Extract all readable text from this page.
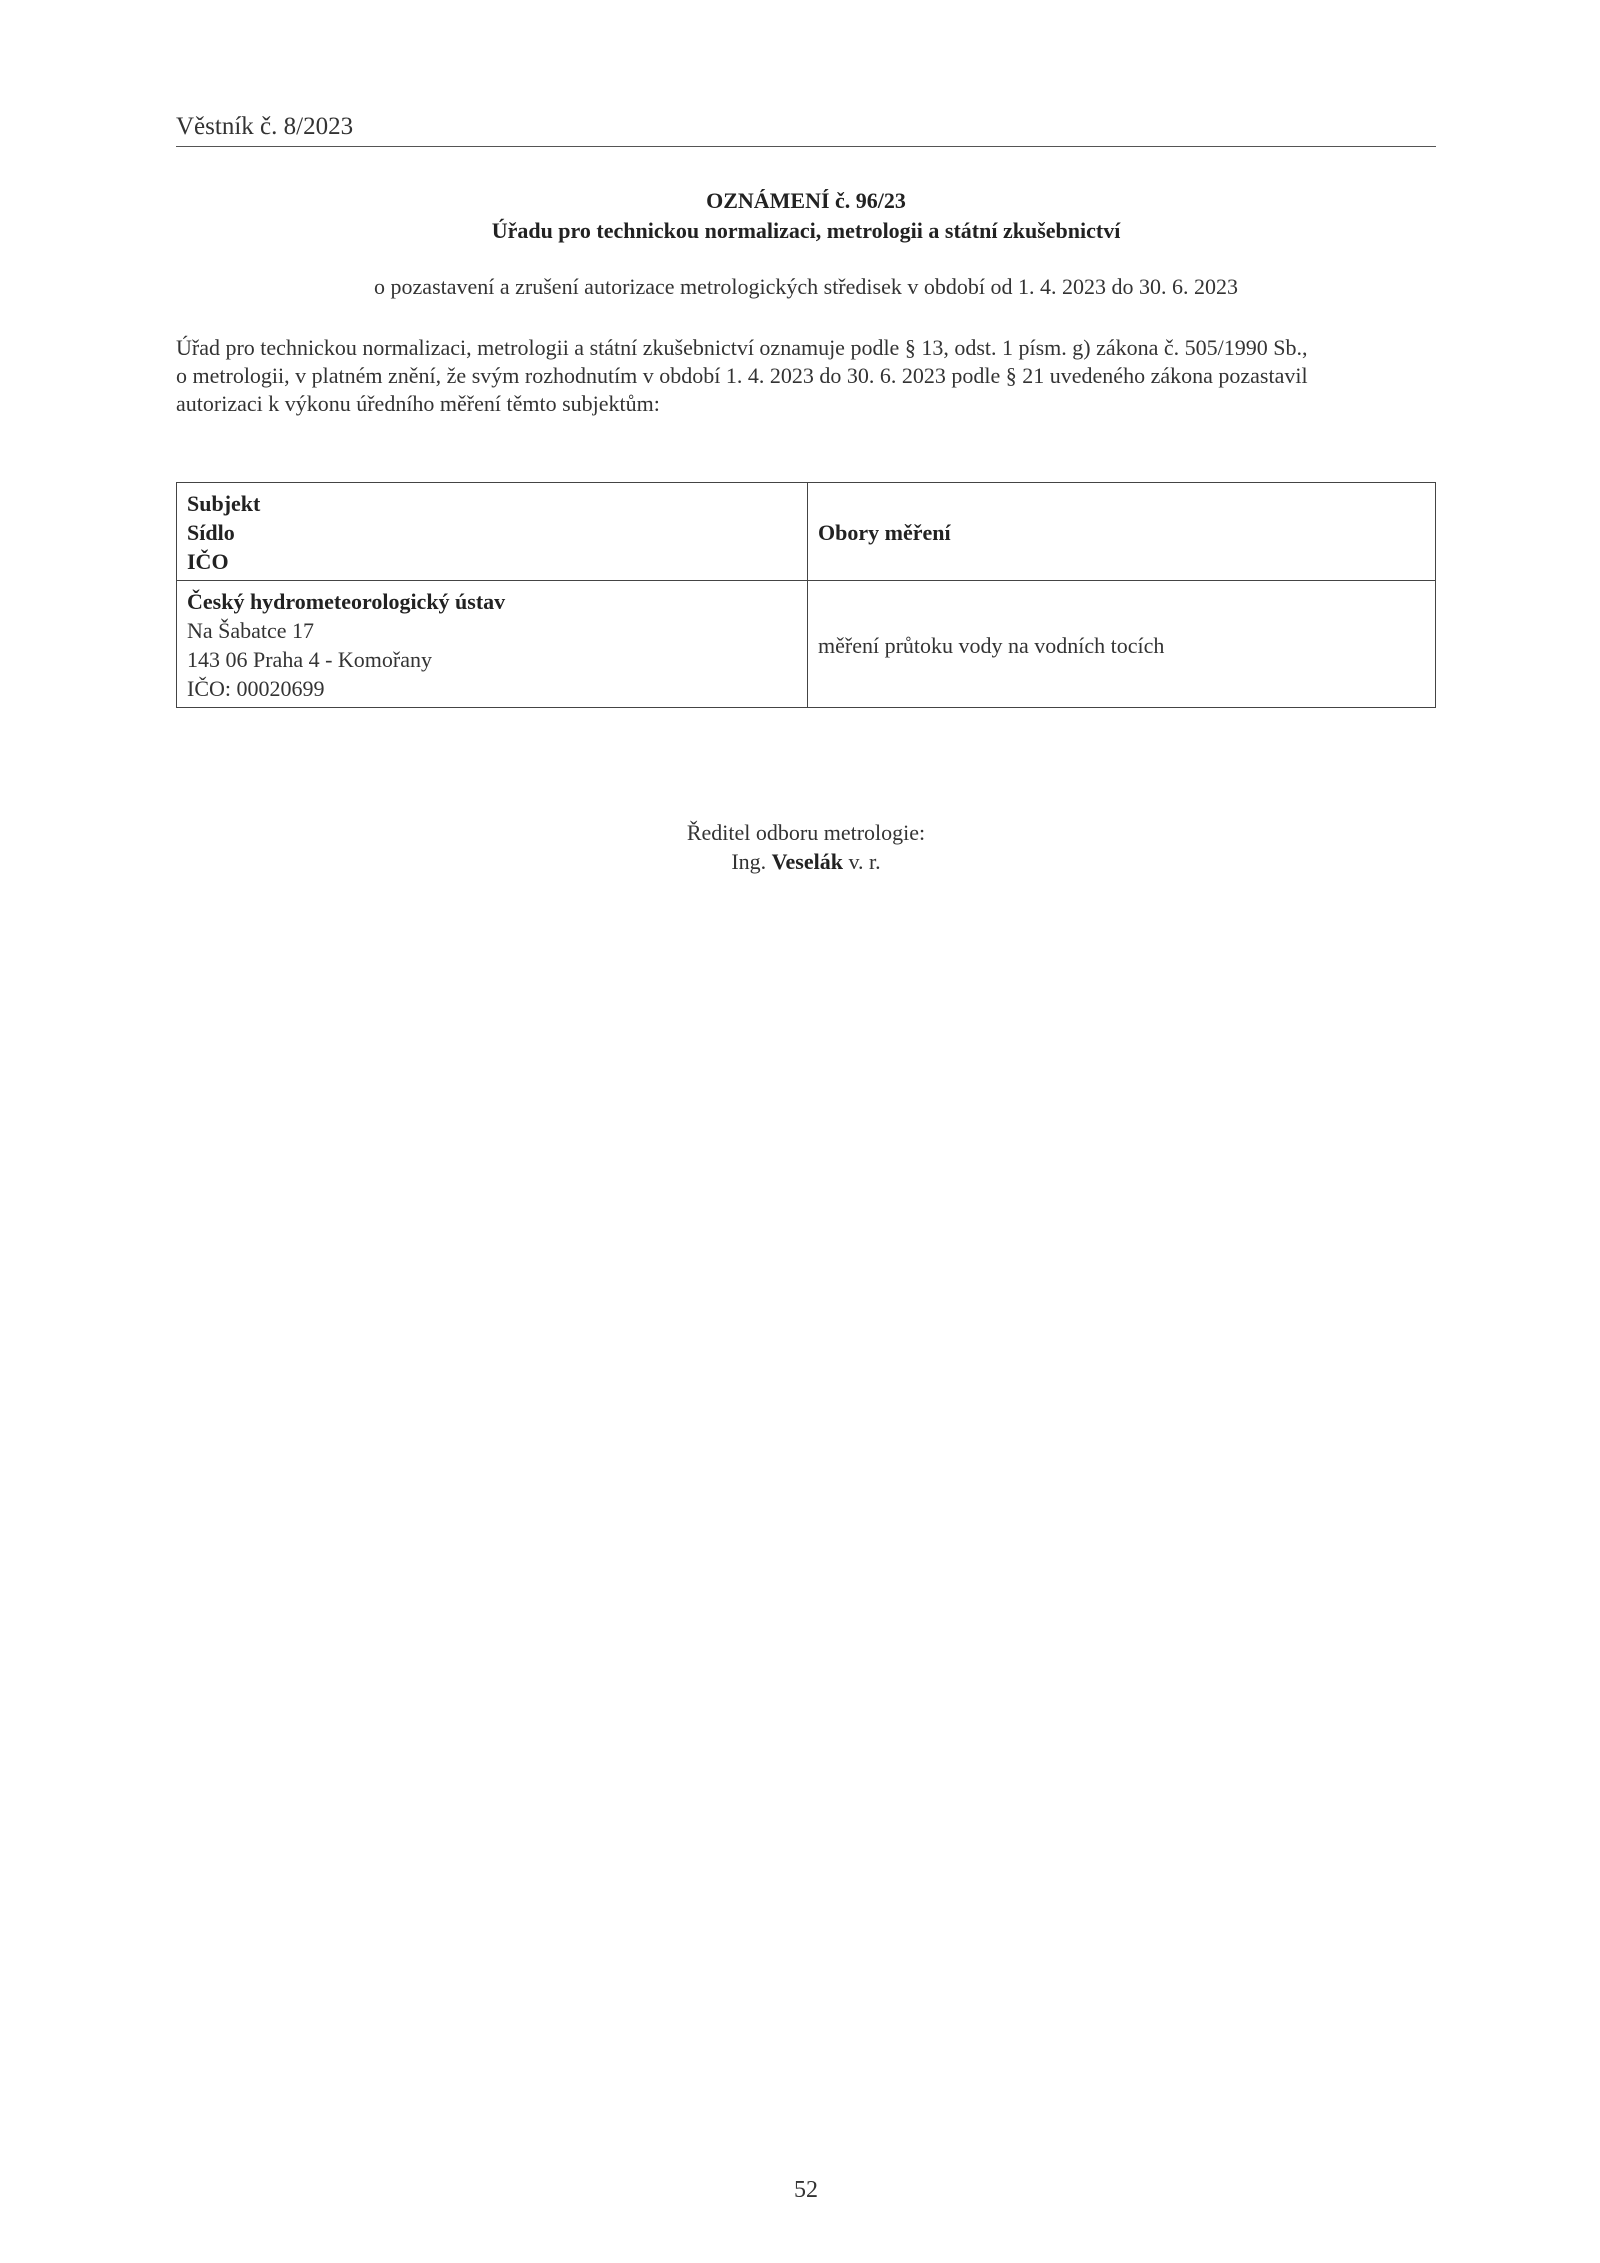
Věstník č. 8/2023
OZNÁMENÍ č. 96/23
Úřadu pro technickou normalizaci, metrologii a státní zkušebnictví
o pozastavení a zrušení autorizace metrologických středisek v období od 1. 4. 2023 do 30. 6. 2023

Úřad pro technickou normalizaci, metrologii a státní zkušebnictví oznamuje podle § 13, odst. 1 písm. g) zákona č. 505/1990 Sb.,

o metrologii, v platném znění, že svým rozhodnutím v období 1. 4. 2023 do 30. 6. 2023 podle § 21 uvedeného zákona pozastavil

autorizaci k výkonu úředního měření těmto subjektům:

Subjekt
Sídlo
IČO	Obory měření

Český hydrometeorologický ústav
Na Šabatce 17
143 06 Praha 4 - Komořany
IČO: 00020699	měření průtoku vody na vodních tocích
Ředitel odboru metrologie:
Ing. Veselák v. r.
52
